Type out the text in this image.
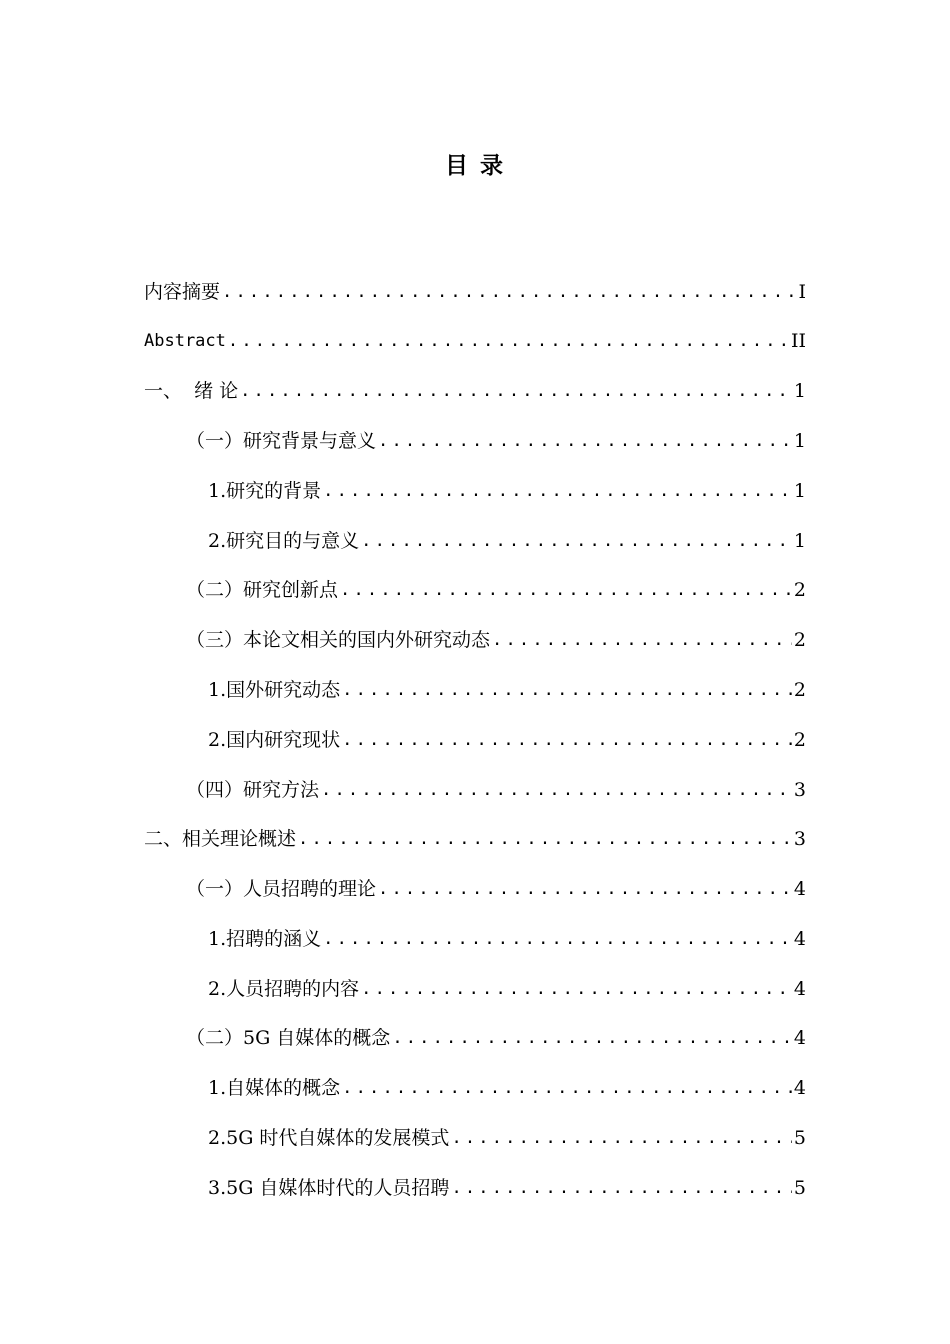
目 录
内容摘要 .....	I
Abstract .....	II
一、  绪 论 .....	1
（一）研究背景与意义 .....	1
1.研究的背景 .....	1
2.研究目的与意义 .....	1
（二）研究创新点 .....	2
（三）本论文相关的国内外研究动态 .....	2
1.国外研究动态 .....	2
2.国内研究现状 .....	2
（四）研究方法 .....	3
二、相关理论概述 .....	3
（一）人员招聘的理论 .....	4
1.招聘的涵义 .....	4
2.人员招聘的内容 .....	4
（二）5G 自媒体的概念 .....	4
1.自媒体的概念 .....	4
2.5G 时代自媒体的发展模式 .....	5
3.5G 自媒体时代的人员招聘 .....	5
